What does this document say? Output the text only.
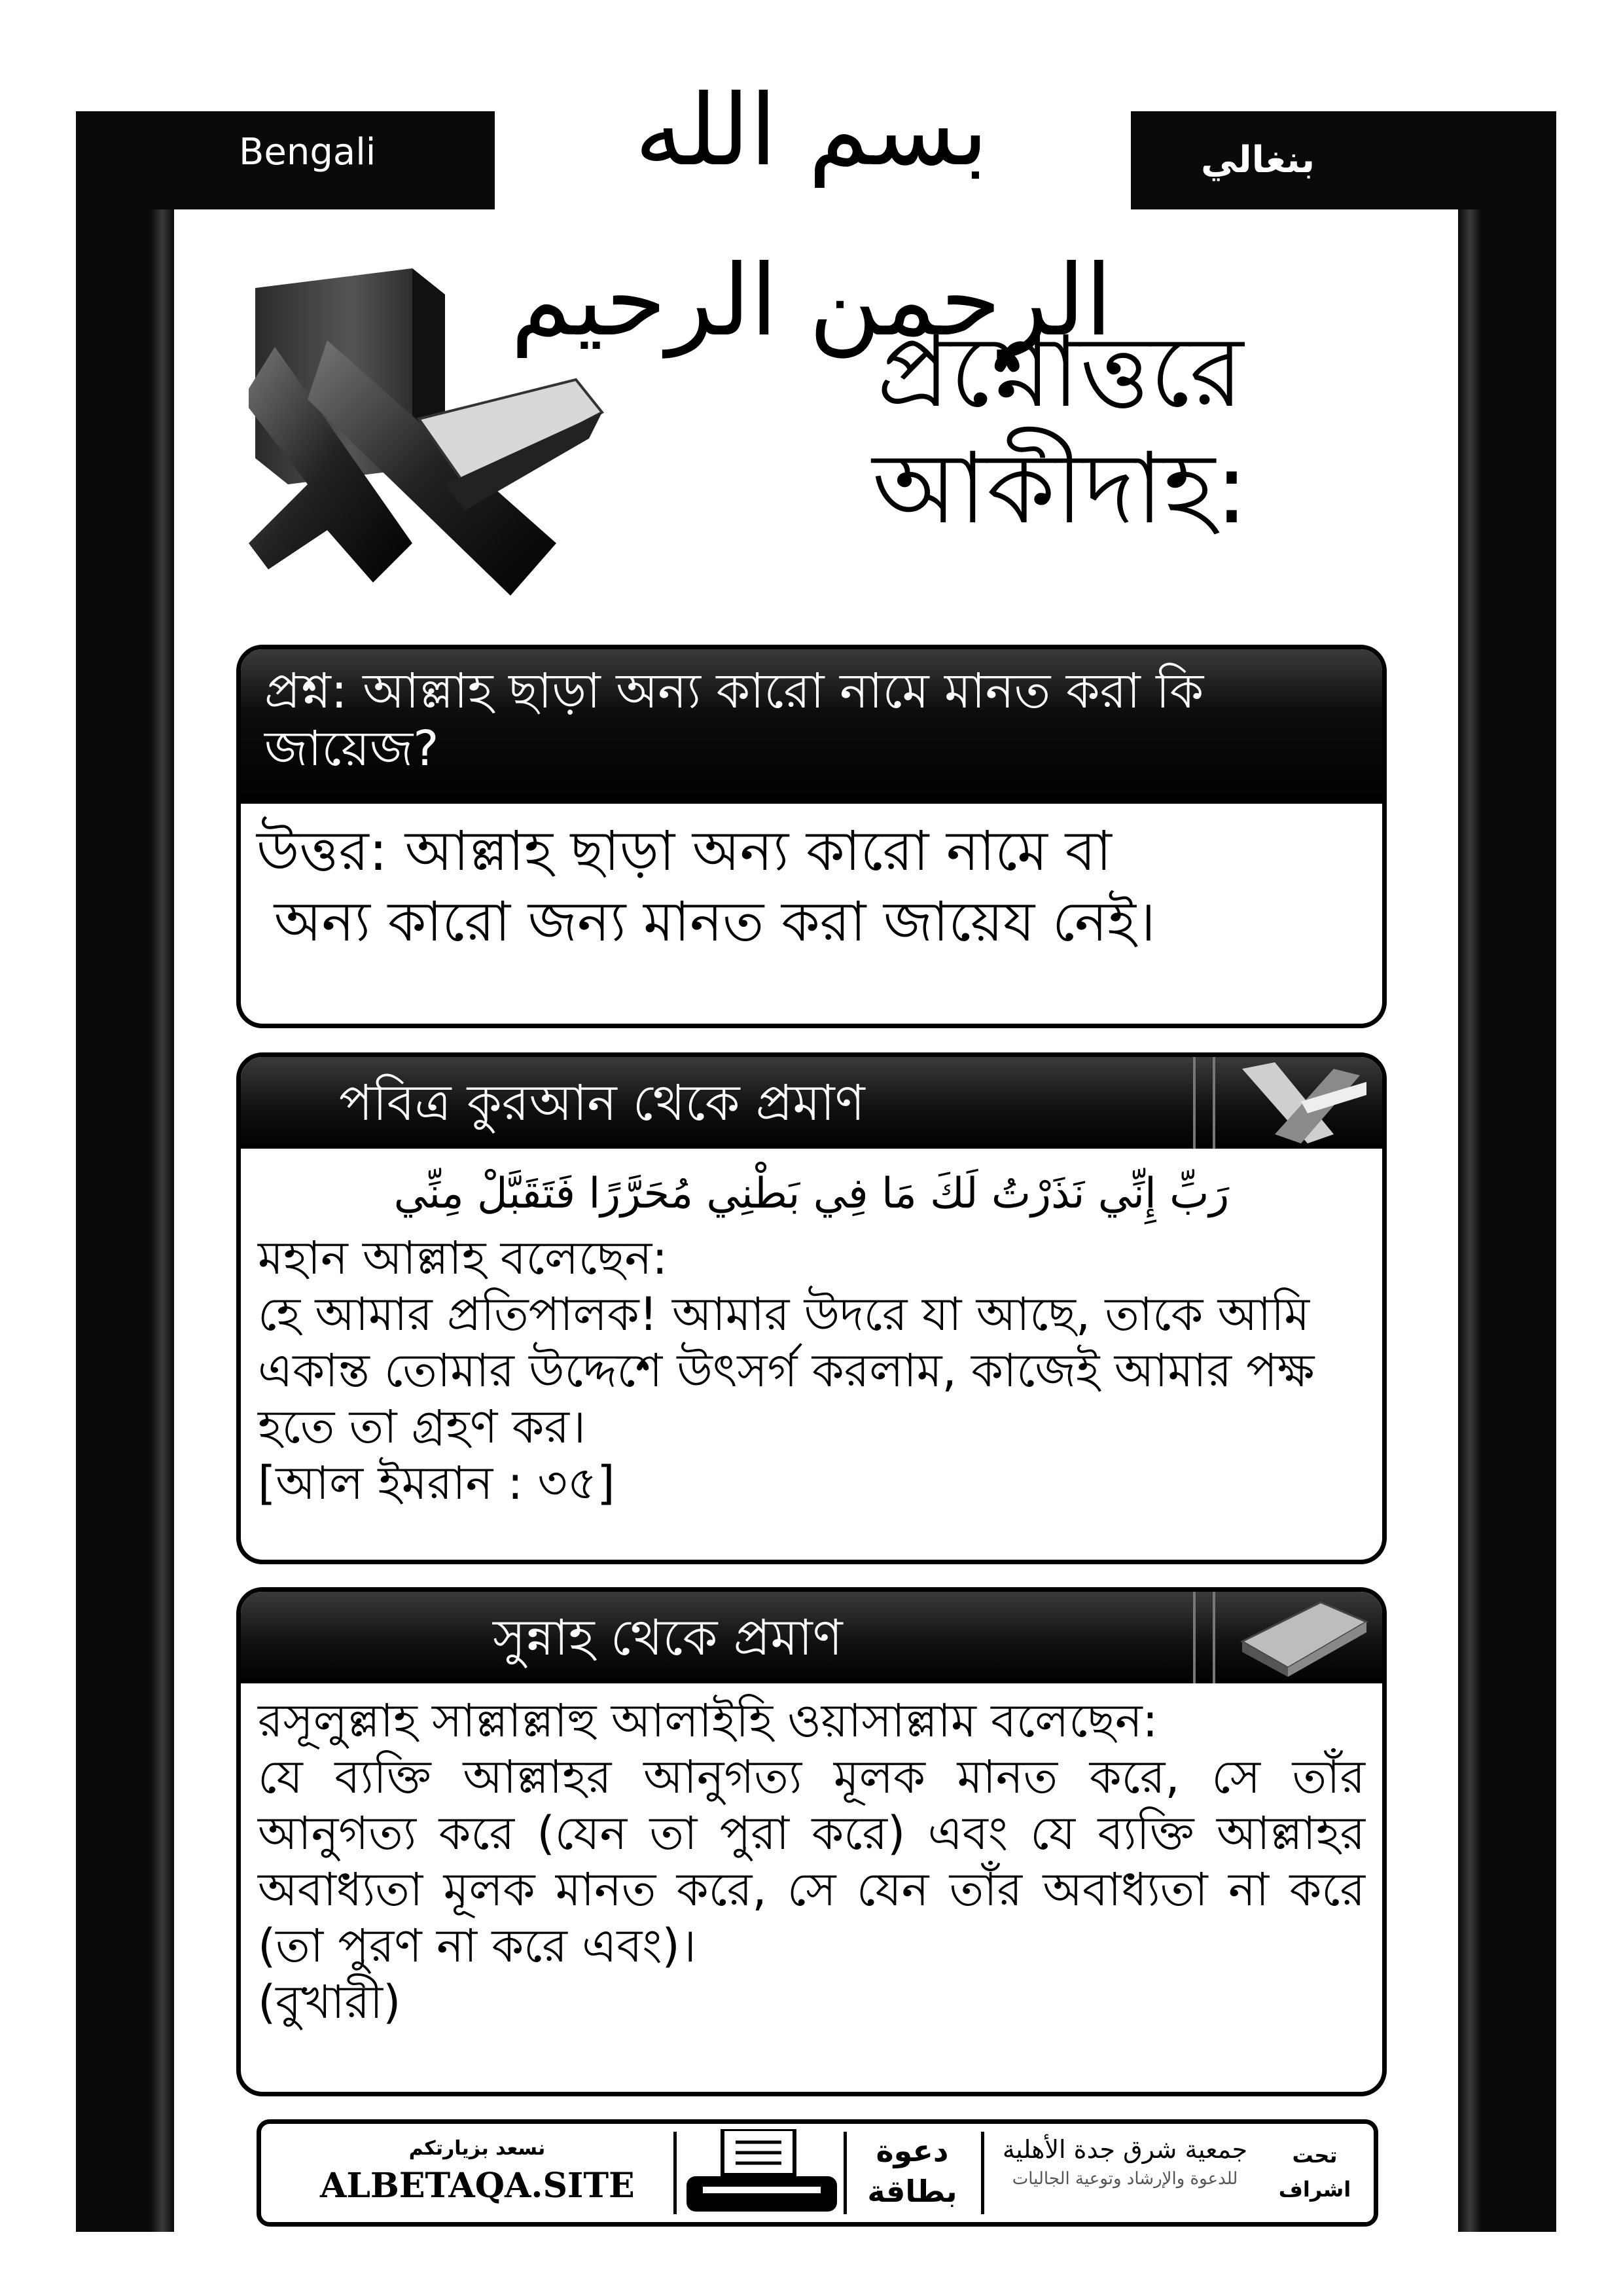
Bengali	بنغالي
بسم الله الرحمن الرحيم
প্রশ্নোত্তরে
আকীদাহ:
প্রশ্ন: আল্লাহ ছাড়া অন্য কারো নামে মানত করা কি জায়েজ?
উত্তর: আল্লাহ ছাড়া অন্য কারো নামে বা
অন্য কারো জন্য মানত করা জায়েয নেই।
পবিত্র কুরআন থেকে প্রমাণ
رَبِّ إِنِّي نَذَرْتُ لَكَ مَا فِي بَطْنِي مُحَرَّرًا فَتَقَبَّلْ مِنِّي
মহান আল্লাহ বলেছেন:
হে আমার প্রতিপালক! আমার উদরে যা আছে, তাকে আমি একান্ত তোমার উদ্দেশে উৎসর্গ করলাম, কাজেই আমার পক্ষ হতে তা গ্রহণ কর।
[আল ইমরান : ৩৫]
সুন্নাহ থেকে প্রমাণ
রসূলুল্লাহ সাল্লাল্লাহু আলাইহি ওয়াসাল্লাম বলেছেন:
যে ব্যক্তি আল্লাহর আনুগত্য মূলক মানত করে, সে তাঁর আনুগত্য করে (যেন তা পুরা করে) এবং যে ব্যক্তি আল্লাহর অবাধ্যতা মূলক মানত করে, সে যেন তাঁর অবাধ্যতা না করে (তা পুরণ না করে এবং)।
(বুখারী)
نسعد بزيارتكم
ALBETAQA.SITE
دعوة بطاقة
جمعية شرق جدة الأهلية
للدعوة والإرشاد وتوعية الجاليات
تحت
اشراف
